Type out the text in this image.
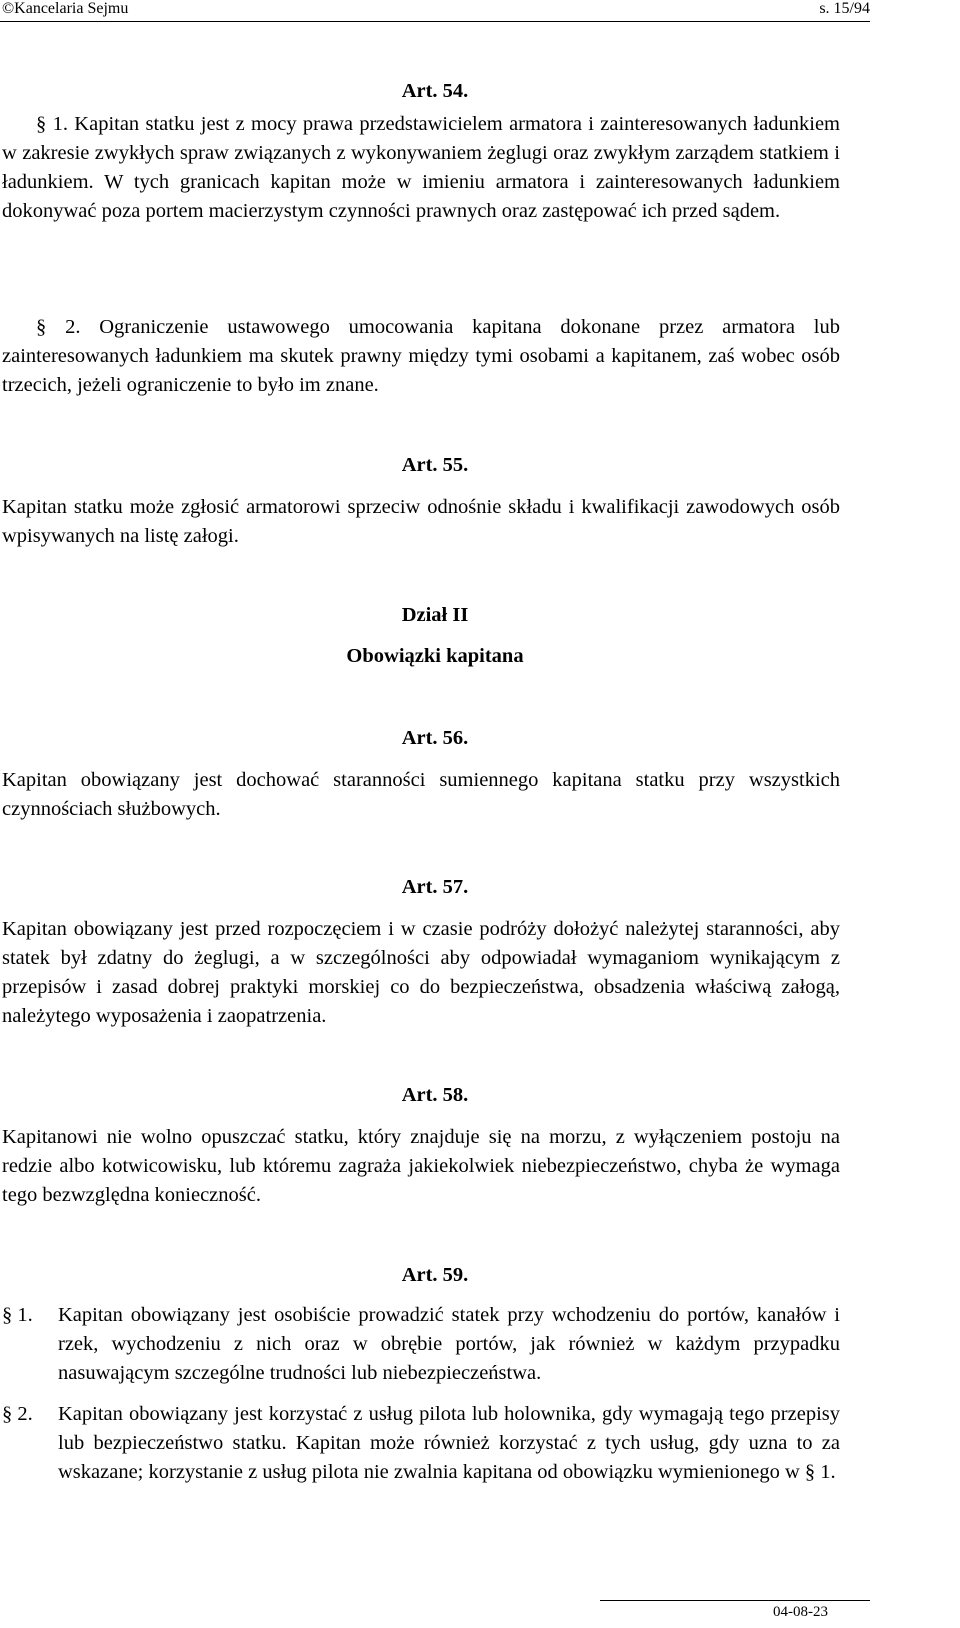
©Kancelaria Sejmu	s. 15/94
Art. 54.

§ 1. Kapitan statku jest z mocy prawa przedstawicielem armatora i zainteresowanych ładunkiem w zakresie zwykłych spraw związanych z wykonywaniem żeglugi oraz zwykłym zarządem statkiem i ładunkiem. W tych granicach kapitan może w imieniu armatora i zainteresowanych ładunkiem dokonywać poza portem macierzystym czynności prawnych oraz zastępować ich przed sądem.

§ 2. Ograniczenie ustawowego umocowania kapitana dokonane przez armatora lub zainteresowanych ładunkiem ma skutek prawny między tymi osobami a kapitanem, zaś wobec osób trzecich, jeżeli ograniczenie to było im znane.

Art. 55.

Kapitan statku może zgłosić armatorowi sprzeciw odnośnie składu i kwalifikacji zawodowych osób wpisywanych na listę załogi.

Dział II
Obowiązki kapitana
Art. 56.

Kapitan obowiązany jest dochować staranności sumiennego kapitana statku przy wszystkich czynnościach służbowych.

Art. 57.

Kapitan obowiązany jest przed rozpoczęciem i w czasie podróży dołożyć należytej staranności, aby statek był zdatny do żeglugi, a w szczególności aby odpowiadał wymaganiom wynikającym z przepisów i zasad dobrej praktyki morskiej co do bezpieczeństwa, obsadzenia właściwą załogą, należytego wyposażenia i zaopatrzenia.

Art. 58.

Kapitanowi nie wolno opuszczać statku, który znajduje się na morzu, z wyłączeniem postoju na redzie albo kotwicowisku, lub któremu zagraża jakiekolwiek niebezpieczeństwo, chyba że wymaga tego bezwzględna konieczność.

Art. 59.
§ 1. Kapitan obowiązany jest osobiście prowadzić statek przy wchodzeniu do portów, kanałów i rzek, wychodzeniu z nich oraz w obrębie portów, jak również w każdym przypadku nasuwającym szczególne trudności lub niebezpieczeństwa.
§ 2. Kapitan obowiązany jest korzystać z usług pilota lub holownika, gdy wymagają tego przepisy lub bezpieczeństwo statku. Kapitan może również korzystać z tych usług, gdy uzna to za wskazane; korzystanie z usług pilota nie zwalnia kapitana od obowiązku wymienionego w § 1.
04-08-23
